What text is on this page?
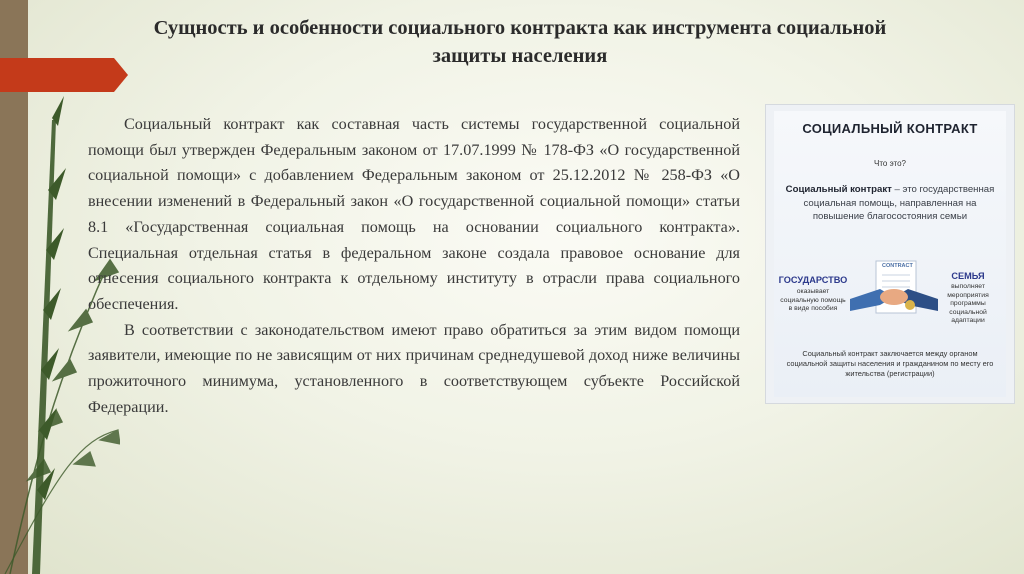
Сущность и особенности социального контракта как инструмента социальной защиты населения

Социальный контракт как составная часть системы государственной социальной помощи был утвержден Федеральным законом от 17.07.1999 № 178-ФЗ «О государственной социальной помощи» с добавлением Федеральным законом от 25.12.2012 № 258-ФЗ «О внесении изменений в Федеральный закон «О государственной социальной помощи» статьи 8.1 «Государственная социальная помощь на основании социального контракта». Специальная отдельная статья в федеральном законе создала правовое основание для отнесения социального контракта к отдельному институту в отрасли права социального обеспечения.

В соответствии с законодательством имеют право обратиться за этим видом помощи заявители, имеющие по не зависящим от них причинам среднедушевой доход ниже величины прожиточного минимума, установленного в соответствующем субъекте Российской Федерации.

СОЦИАЛЬНЫЙ КОНТРАКТ
Что это?
Социальный контракт – это государственная социальная помощь, направленная на повышение благосостояния семьи
ГОСУДАРСТВО
оказывает социальную помощь в виде пособия
CONTRACT
СЕМЬЯ
выполняет мероприятия программы социальной адаптации
Социальный контракт заключается между органом социальной защиты населения и гражданином по месту его жительства (регистрации)
